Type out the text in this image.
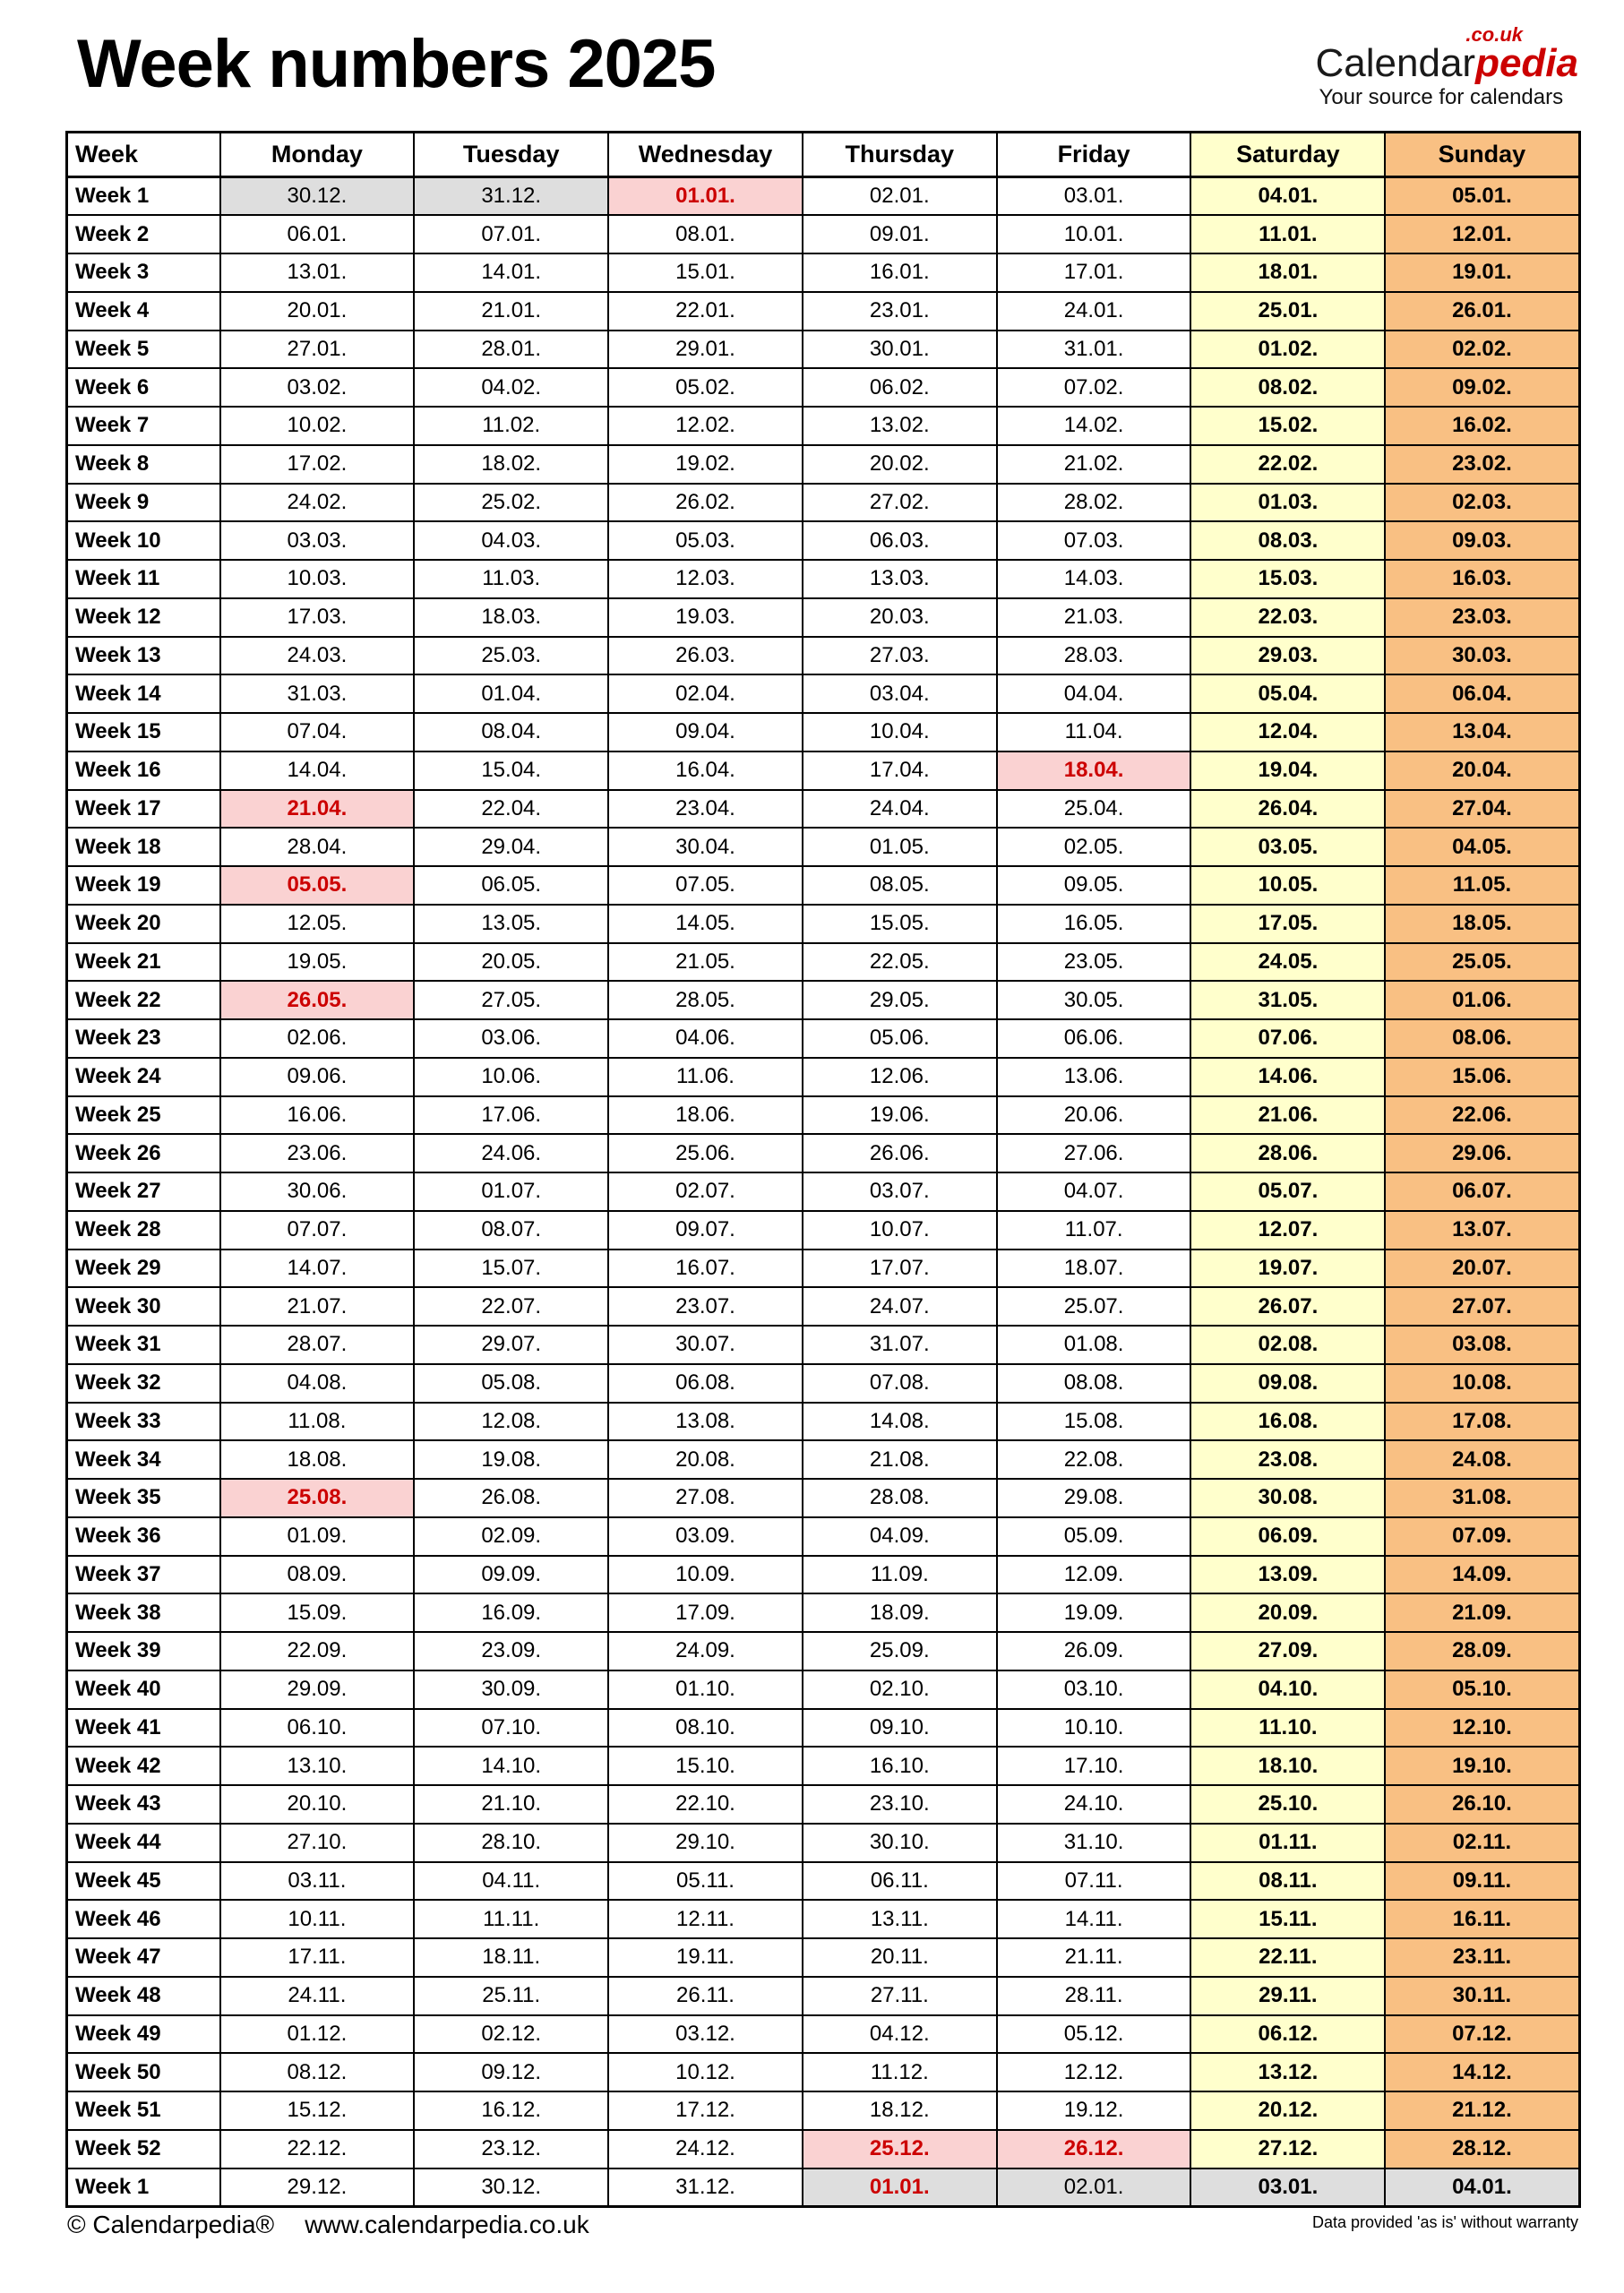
Week numbers 2025	.co.uk
Calendarpedia
Your source for calendars
Week	Monday	Tuesday	Wednesday	Thursday	Friday	Saturday	Sunday
Week 1	30.12.	31.12.	01.01.	02.01.	03.01.	04.01.	05.01.
Week 2	06.01.	07.01.	08.01.	09.01.	10.01.	11.01.	12.01.
Week 3	13.01.	14.01.	15.01.	16.01.	17.01.	18.01.	19.01.
Week 4	20.01.	21.01.	22.01.	23.01.	24.01.	25.01.	26.01.
Week 5	27.01.	28.01.	29.01.	30.01.	31.01.	01.02.	02.02.
Week 6	03.02.	04.02.	05.02.	06.02.	07.02.	08.02.	09.02.
Week 7	10.02.	11.02.	12.02.	13.02.	14.02.	15.02.	16.02.
Week 8	17.02.	18.02.	19.02.	20.02.	21.02.	22.02.	23.02.
Week 9	24.02.	25.02.	26.02.	27.02.	28.02.	01.03.	02.03.
Week 10	03.03.	04.03.	05.03.	06.03.	07.03.	08.03.	09.03.
Week 11	10.03.	11.03.	12.03.	13.03.	14.03.	15.03.	16.03.
Week 12	17.03.	18.03.	19.03.	20.03.	21.03.	22.03.	23.03.
Week 13	24.03.	25.03.	26.03.	27.03.	28.03.	29.03.	30.03.
Week 14	31.03.	01.04.	02.04.	03.04.	04.04.	05.04.	06.04.
Week 15	07.04.	08.04.	09.04.	10.04.	11.04.	12.04.	13.04.
Week 16	14.04.	15.04.	16.04.	17.04.	18.04.	19.04.	20.04.
Week 17	21.04.	22.04.	23.04.	24.04.	25.04.	26.04.	27.04.
Week 18	28.04.	29.04.	30.04.	01.05.	02.05.	03.05.	04.05.
Week 19	05.05.	06.05.	07.05.	08.05.	09.05.	10.05.	11.05.
Week 20	12.05.	13.05.	14.05.	15.05.	16.05.	17.05.	18.05.
Week 21	19.05.	20.05.	21.05.	22.05.	23.05.	24.05.	25.05.
Week 22	26.05.	27.05.	28.05.	29.05.	30.05.	31.05.	01.06.
Week 23	02.06.	03.06.	04.06.	05.06.	06.06.	07.06.	08.06.
Week 24	09.06.	10.06.	11.06.	12.06.	13.06.	14.06.	15.06.
Week 25	16.06.	17.06.	18.06.	19.06.	20.06.	21.06.	22.06.
Week 26	23.06.	24.06.	25.06.	26.06.	27.06.	28.06.	29.06.
Week 27	30.06.	01.07.	02.07.	03.07.	04.07.	05.07.	06.07.
Week 28	07.07.	08.07.	09.07.	10.07.	11.07.	12.07.	13.07.
Week 29	14.07.	15.07.	16.07.	17.07.	18.07.	19.07.	20.07.
Week 30	21.07.	22.07.	23.07.	24.07.	25.07.	26.07.	27.07.
Week 31	28.07.	29.07.	30.07.	31.07.	01.08.	02.08.	03.08.
Week 32	04.08.	05.08.	06.08.	07.08.	08.08.	09.08.	10.08.
Week 33	11.08.	12.08.	13.08.	14.08.	15.08.	16.08.	17.08.
Week 34	18.08.	19.08.	20.08.	21.08.	22.08.	23.08.	24.08.
Week 35	25.08.	26.08.	27.08.	28.08.	29.08.	30.08.	31.08.
Week 36	01.09.	02.09.	03.09.	04.09.	05.09.	06.09.	07.09.
Week 37	08.09.	09.09.	10.09.	11.09.	12.09.	13.09.	14.09.
Week 38	15.09.	16.09.	17.09.	18.09.	19.09.	20.09.	21.09.
Week 39	22.09.	23.09.	24.09.	25.09.	26.09.	27.09.	28.09.
Week 40	29.09.	30.09.	01.10.	02.10.	03.10.	04.10.	05.10.
Week 41	06.10.	07.10.	08.10.	09.10.	10.10.	11.10.	12.10.
Week 42	13.10.	14.10.	15.10.	16.10.	17.10.	18.10.	19.10.
Week 43	20.10.	21.10.	22.10.	23.10.	24.10.	25.10.	26.10.
Week 44	27.10.	28.10.	29.10.	30.10.	31.10.	01.11.	02.11.
Week 45	03.11.	04.11.	05.11.	06.11.	07.11.	08.11.	09.11.
Week 46	10.11.	11.11.	12.11.	13.11.	14.11.	15.11.	16.11.
Week 47	17.11.	18.11.	19.11.	20.11.	21.11.	22.11.	23.11.
Week 48	24.11.	25.11.	26.11.	27.11.	28.11.	29.11.	30.11.
Week 49	01.12.	02.12.	03.12.	04.12.	05.12.	06.12.	07.12.
Week 50	08.12.	09.12.	10.12.	11.12.	12.12.	13.12.	14.12.
Week 51	15.12.	16.12.	17.12.	18.12.	19.12.	20.12.	21.12.
Week 52	22.12.	23.12.	24.12.	25.12.	26.12.	27.12.	28.12.
Week 1	29.12.	30.12.	31.12.	01.01.	02.01.	03.01.	04.01.
© Calendarpedia® www.calendarpedia.co.uk	Data provided 'as is' without warranty
